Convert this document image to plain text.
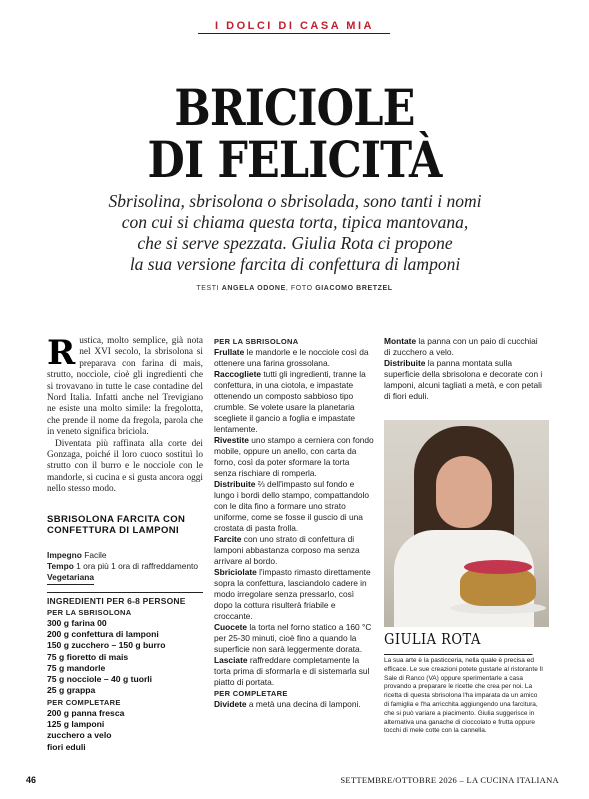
I DOLCI DI CASA MIA
BRICIOLE
DI FELICITÀ
Sbrisolina, sbrisolona o sbrisolada, sono tanti i nomi
con cui si chiama questa torta, tipica mantovana,
che si serve spezzata. Giulia Rota ci propone
la sua versione farcita di confettura di lamponi
TESTI ANGELA ODONE, FOTO GIACOMO BRETZEL

Rustica, molto semplice, già nota nel XVI secolo, la sbrisolona si preparava con farina di mais, strutto, nocciole, cioè gli ingredienti che si trovavano in tutte le case contadine del Nord Italia. Infatti anche nel Trevigiano ne esiste una molto simile: la fregolotta, che prende il nome da fregola, parola che in veneto significa briciola.

Diventata più raffinata alla corte dei Gonzaga, poiché il loro cuoco sostituì lo strutto con il burro e le nocciole con le mandorle, si cucina e si gusta ancora oggi nello stesso modo.

SBRISOLONA FARCITA CON CONFETTURA DI LAMPONI
Impegno Facile
Tempo 1 ora più 1 ora di raffreddamento
Vegetariana
INGREDIENTI PER 6-8 PERSONE
PER LA SBRISOLONA
300 g farina 00
200 g confettura di lamponi
150 g zucchero – 150 g burro
75 g fioretto di mais
75 g mandorle
75 g nocciole – 40 g tuorli
25 g grappa
PER COMPLETARE
200 g panna fresca
125 g lamponi
zucchero a velo
fiori eduli
PER LA SBRISOLONA
Frullate le mandorle e le nocciole così da ottenere una farina grossolana.
Raccogliete tutti gli ingredienti, tranne la confettura, in una ciotola, e impastate ottenendo un composto sabbioso tipo crumble. Se volete usare la planetaria scegliete il gancio a foglia e impastate lentamente.
Rivestite uno stampo a cerniera con fondo mobile, oppure un anello, con carta da forno, così da poter sformare la torta senza rischiare di romperla.
Distribuite ⅔ dell'impasto sul fondo e lungo i bordi dello stampo, compattandolo con le dita fino a formare uno strato uniforme, come se fosse il guscio di una crostata di pasta frolla.
Farcite con uno strato di confettura di lamponi abbastanza corposo ma senza arrivare al bordo.
Sbriciolate l'impasto rimasto direttamente sopra la confettura, lasciandolo cadere in modo irregolare senza pressarlo, così dopo la cottura risulterà friabile e croccante.
Cuocete la torta nel forno statico a 160 °C per 25-30 minuti, cioè fino a quando la superficie non sarà leggermente dorata.
Lasciate raffreddare completamente la torta prima di sformarla e di sistemarla sul piatto di portata.
PER COMPLETARE
Dividete a metà una decina di lamponi.
Montate la panna con un paio di cucchiai di zucchero a velo.
Distribuite la panna montata sulla superficie della sbrisolona e decorate con i lamponi, alcuni tagliati a metà, e con petali di fiori eduli.
GIULIA ROTA
La sua arte è la pasticceria, nella quale è precisa ed efficace. Le sue creazioni potete gustarle al ristorante Il Sale di Ranco (VA) oppure sperimentarle a casa provando a preparare le ricette che crea per noi. La ricetta di questa sbrisolona l'ha imparata da un amico di famiglia e l'ha arricchita aggiungendo una farcitura, che si può variare a piacimento. Giulia suggerisce in alternativa una ganache di cioccolato e frutta oppure tocchi di mele cotte con la cannella.
46	SETTEMBRE/OTTOBRE 2026 – LA CUCINA ITALIANA
